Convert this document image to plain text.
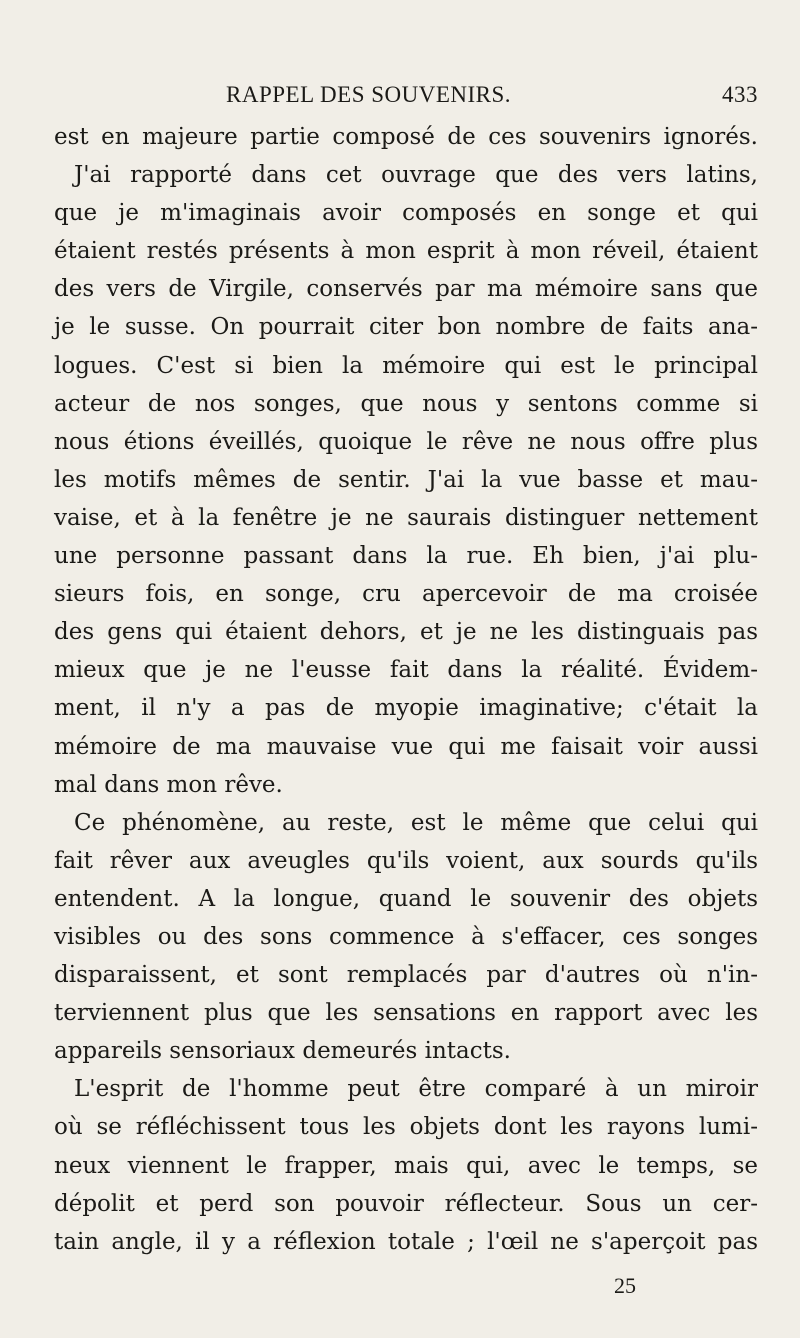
RAPPEL DES SOUVENIRS.	433
est en majeure partie composé de ces souvenirs ignorés.
J'ai rapporté dans cet ouvrage que des vers latins,
que je m'imaginais avoir composés en songe et qui
étaient restés présents à mon esprit à mon réveil, étaient
des vers de Virgile, conservés par ma mémoire sans que
je le susse. On pourrait citer bon nombre de faits ana-
logues. C'est si bien la mémoire qui est le principal
acteur de nos songes, que nous y sentons comme si
nous étions éveillés, quoique le rêve ne nous offre plus
les motifs mêmes de sentir. J'ai la vue basse et mau-
vaise, et à la fenêtre je ne saurais distinguer nettement
une personne passant dans la rue. Eh bien, j'ai plu-
sieurs fois, en songe, cru apercevoir de ma croisée
des gens qui étaient dehors, et je ne les distinguais pas
mieux que je ne l'eusse fait dans la réalité. Évidem-
ment, il n'y a pas de myopie imaginative; c'était la
mémoire de ma mauvaise vue qui me faisait voir aussi
mal dans mon rêve.
Ce phénomène, au reste, est le même que celui qui
fait rêver aux aveugles qu'ils voient, aux sourds qu'ils
entendent. A la longue, quand le souvenir des objets
visibles ou des sons commence à s'effacer, ces songes
disparaissent, et sont remplacés par d'autres où n'in-
terviennent plus que les sensations en rapport avec les
appareils sensoriaux demeurés intacts.
L'esprit de l'homme peut être comparé à un miroir
où se réfléchissent tous les objets dont les rayons lumi-
neux viennent le frapper, mais qui, avec le temps, se
dépolit et perd son pouvoir réflecteur. Sous un cer-
tain angle, il y a réflexion totale ; l'œil ne s'aperçoit pas
25
